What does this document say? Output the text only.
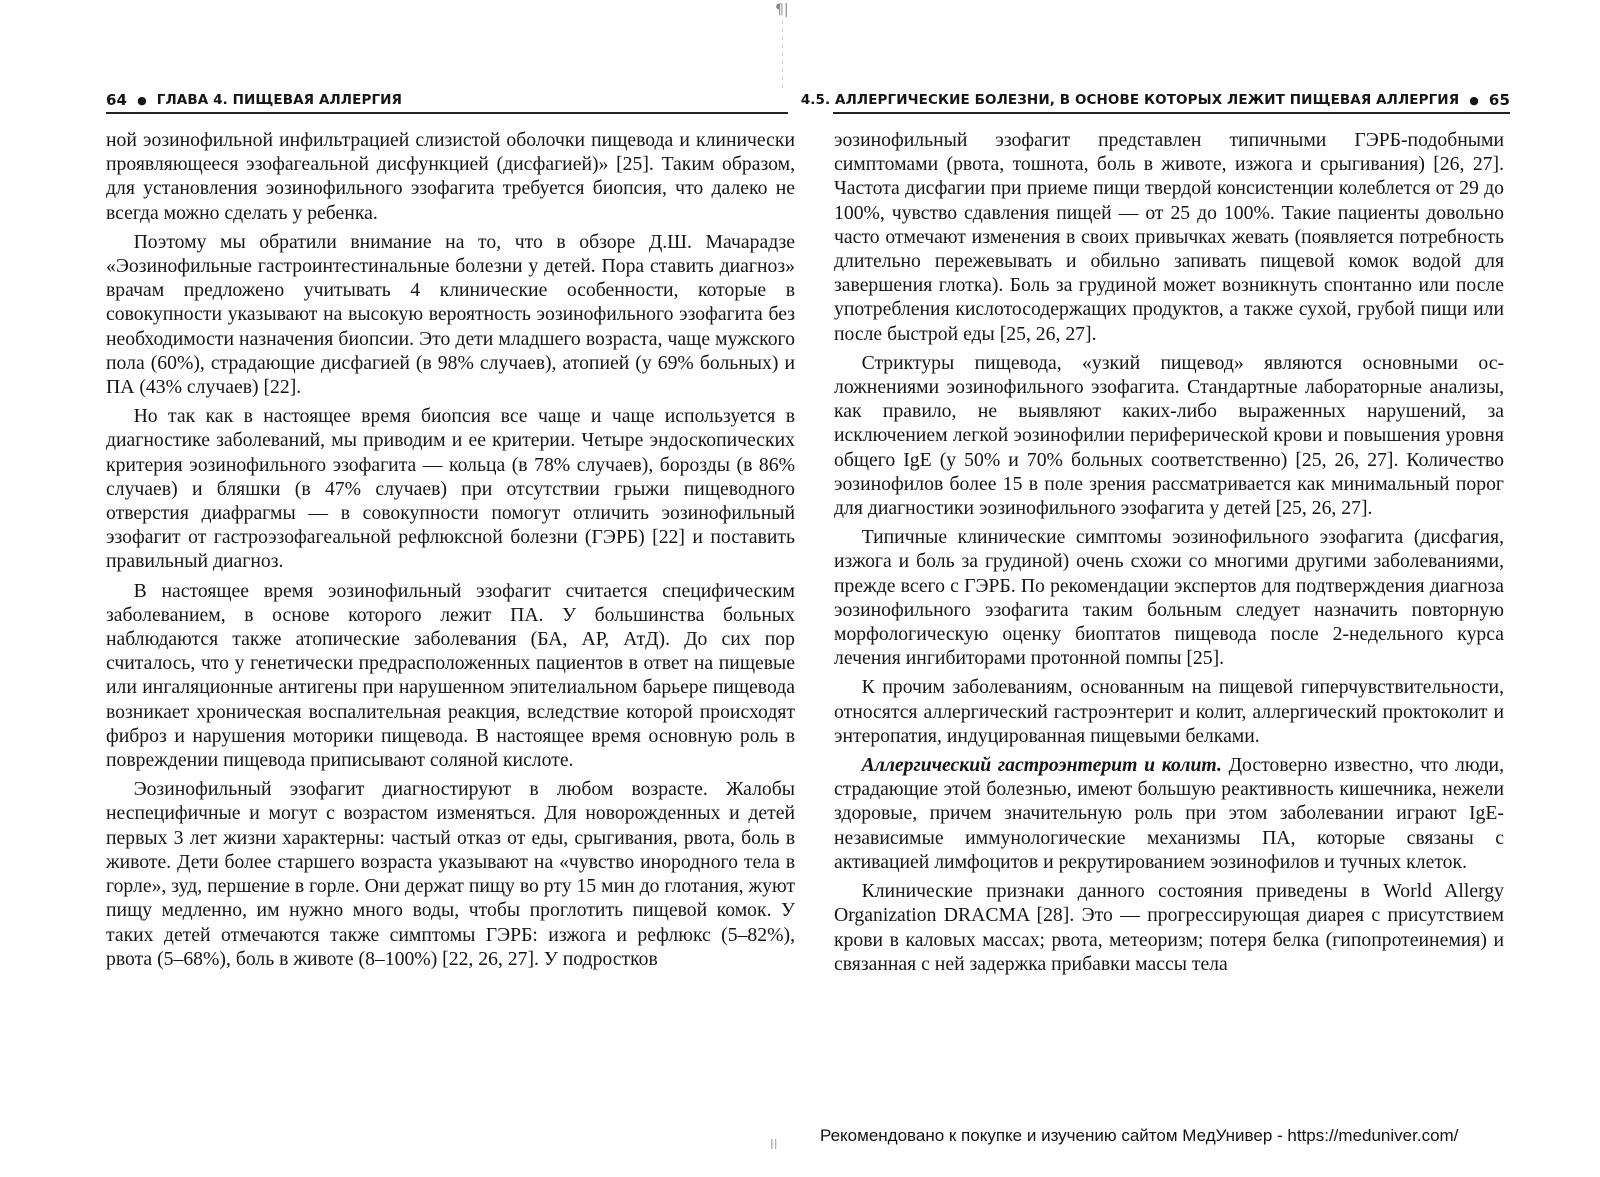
¶|
Il
64 ● ГЛАВА 4. ПИЩЕВАЯ АЛЛЕРГИЯ

ной эозинофильной инфильтрацией слизистой оболочки пищевода и клинически проявляющееся эзофагеальной дисфункцией (дисфагией)» [25]. Таким образом, для установления эозинофильного эзофагита требуется биопсия, что далеко не всегда можно сделать у ребенка.

Поэтому мы обратили внимание на то, что в обзоре Д.Ш. Мачарадзе «Эозинофильные гастроинтестинальные болезни у детей. Пора ставить диагноз» врачам предложено учитывать 4 клинические особенности, которые в совокупности указывают на высокую вероятность эозинофильного эзофагита без необходимости назначения биопсии. Это дети младшего возраста, чаще мужского пола (60%), страдающие дисфагией (в 98% случаев), атопией (у 69% больных) и ПА (43% случаев) [22].

Но так как в настоящее время биопсия все чаще и чаще используется в диагностике заболеваний, мы приводим и ее критерии. Четыре эндоскопических критерия эозинофильного эзофагита — кольца (в 78% случаев), борозды (в 86% случаев) и бляшки (в 47% случаев) при отсутствии грыжи пищеводного отверстия диафрагмы — в совокупности помогут отличить эозинофильный эзофагит от гастроэзофагеальной рефлюксной болезни (ГЭРБ) [22] и поставить правильный диагноз.

В настоящее время эозинофильный эзофагит считается специфическим заболеванием, в основе которого лежит ПА. У большинства больных наблюдаются также атопические заболевания (БА, АР, АтД). До сих пор считалось, что у генетически предрасположенных пациентов в ответ на пищевые или ингаляционные антигены при нарушенном эпителиальном барьере пищевода возникает хроническая воспалительная реакция, вследствие которой происходят фиброз и нарушения моторики пищевода. В настоящее время основную роль в повреждении пищевода приписывают соляной кислоте.

Эозинофильный эзофагит диагностируют в любом возрасте. Жалобы неспецифичные и могут с возрастом изменяться. Для новорожденных и детей первых 3 лет жизни характерны: частый отказ от еды, срыгивания, рвота, боль в животе. Дети более старшего возраста указывают на «чувство инородного тела в горле», зуд, першение в горле. Они держат пищу во рту 15 мин до глотания, жуют пищу медленно, им нужно много воды, чтобы проглотить пищевой комок. У таких детей отмечаются также симптомы ГЭРБ: изжога и рефлюкс (5–82%), рвота (5–68%), боль в животе (8–100%) [22, 26, 27]. У подростков

4.5. АЛЛЕРГИЧЕСКИЕ БОЛЕЗНИ, В ОСНОВЕ КОТОРЫХ ЛЕЖИТ ПИЩЕВАЯ АЛЛЕРГИЯ ● 65

эозинофильный эзофагит представлен типичными ГЭРБ-подобными симптомами (рвота, тошнота, боль в животе, изжога и срыгивания) [26, 27]. Частота дисфагии при приеме пищи твердой консистенции колеблется от 29 до 100%, чувство сдавления пищей — от 25 до 100%. Такие пациенты довольно часто отмечают изменения в своих привычках жевать (появляется потребность длительно пережевывать и обильно запивать пищевой комок водой для завершения глотка). Боль за грудиной может возникнуть спонтанно или после употребления кислотосодержащих продуктов, а также сухой, грубой пищи или после быстрой еды [25, 26, 27].

Стриктуры пищевода, «узкий пищевод» являются основными осложнениями эозинофильного эзофагита. Стандартные лабораторные анализы, как правило, не выявляют каких-либо выраженных нарушений, за исключением легкой эозинофилии периферической крови и повышения уровня общего IgE (у 50% и 70% больных соответственно) [25, 26, 27]. Количество эозинофилов более 15 в поле зрения рассматривается как минимальный порог для диагностики эозинофильного эзофагита у детей [25, 26, 27].

Типичные клинические симптомы эозинофильного эзофагита (дисфагия, изжога и боль за грудиной) очень схожи со многими другими заболеваниями, прежде всего с ГЭРБ. По рекомендации экспертов для подтверждения диагноза эозинофильного эзофагита таким больным следует назначить повторную морфологическую оценку биоптатов пищевода после 2-недельного курса лечения ингибиторами протонной помпы [25].

К прочим заболеваниям, основанным на пищевой гиперчувствительности, относятся аллергический гастроэнтерит и колит, аллергический проктоколит и энтеропатия, индуцированная пищевыми белками.

Аллергический гастроэнтерит и колит. Достоверно известно, что люди, страдающие этой болезнью, имеют большую реактивность кишечника, нежели здоровые, причем значительную роль при этом заболевании играют IgE-независимые иммунологические механизмы ПА, которые связаны с активацией лимфоцитов и рекрутированием эозинофилов и тучных клеток.

Клинические признаки данного состояния приведены в World Allergy Organization DRACMA [28]. Это — прогрессирующая диарея с присутствием крови в каловых массах; рвота, метеоризм; потеря белка (гипопротеинемия) и связанная с ней задержка прибавки массы тела

Рекомендовано к покупке и изучению сайтом МедУнивер - https://meduniver.com/
